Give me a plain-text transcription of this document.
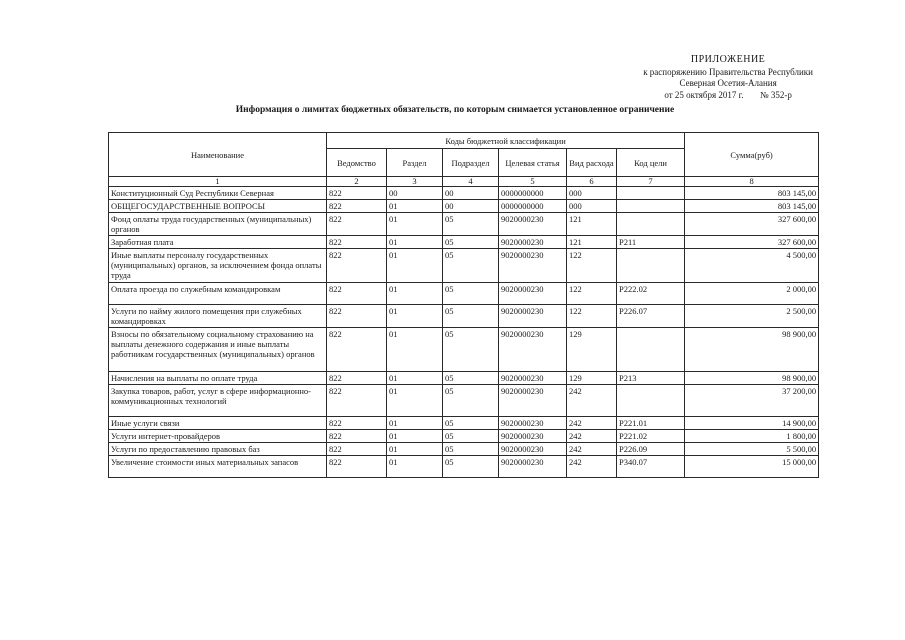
ПРИЛОЖЕНИЕ
к распоряжению Правительства Республики
Северная Осетия-Алания
от 25 октября 2017 г. № 352-р
Информация о лимитах бюджетных обязательств, по которым снимается установленное ограничение
Наименование	Коды бюджетной классификации						Сумма(руб)
	Ведомство	Раздел	Подраздел	Целевая статья	Вид расхода	Код цели	
1	2	3	4	5	6	7	8
Конституционный Суд Республики Северная	822	00	00	0000000000	000		803 145,00
ОБЩЕГОСУДАРСТВЕННЫЕ ВОПРОСЫ	822	01	00	0000000000	000		803 145,00
Фонд оплаты труда государственных (муниципальных) органов	822	01	05	9020000230	121		327 600,00
Заработная плата	822	01	05	9020000230	121	P211	327 600,00
Иные выплаты персоналу государственных (муниципальных) органов, за исключением фонда оплаты труда	822	01	05	9020000230	122		4 500,00
Оплата проезда по служебным командировкам	822	01	05	9020000230	122	P222.02	2 000,00
Услуги по найму жилого помещения при служебных командировках	822	01	05	9020000230	122	P226.07	2 500,00
Взносы по обязательному социальному страхованию на выплаты денежного содержания и иные выплаты работникам государственных (муниципальных) органов	822	01	05	9020000230	129		98 900,00
Начисления на выплаты по оплате труда	822	01	05	9020000230	129	P213	98 900,00
Закупка товаров, работ, услуг в сфере информационно-коммуникационных технологий	822	01	05	9020000230	242		37 200,00
Иные услуги связи	822	01	05	9020000230	242	P221.01	14 900,00
Услуги интернет-провайдеров	822	01	05	9020000230	242	P221.02	1 800,00
Услуги по предоставлению правовых баз	822	01	05	9020000230	242	P226.09	5 500,00
Увеличение стоимости иных материальных запасов	822	01	05	9020000230	242	P340.07	15 000,00
